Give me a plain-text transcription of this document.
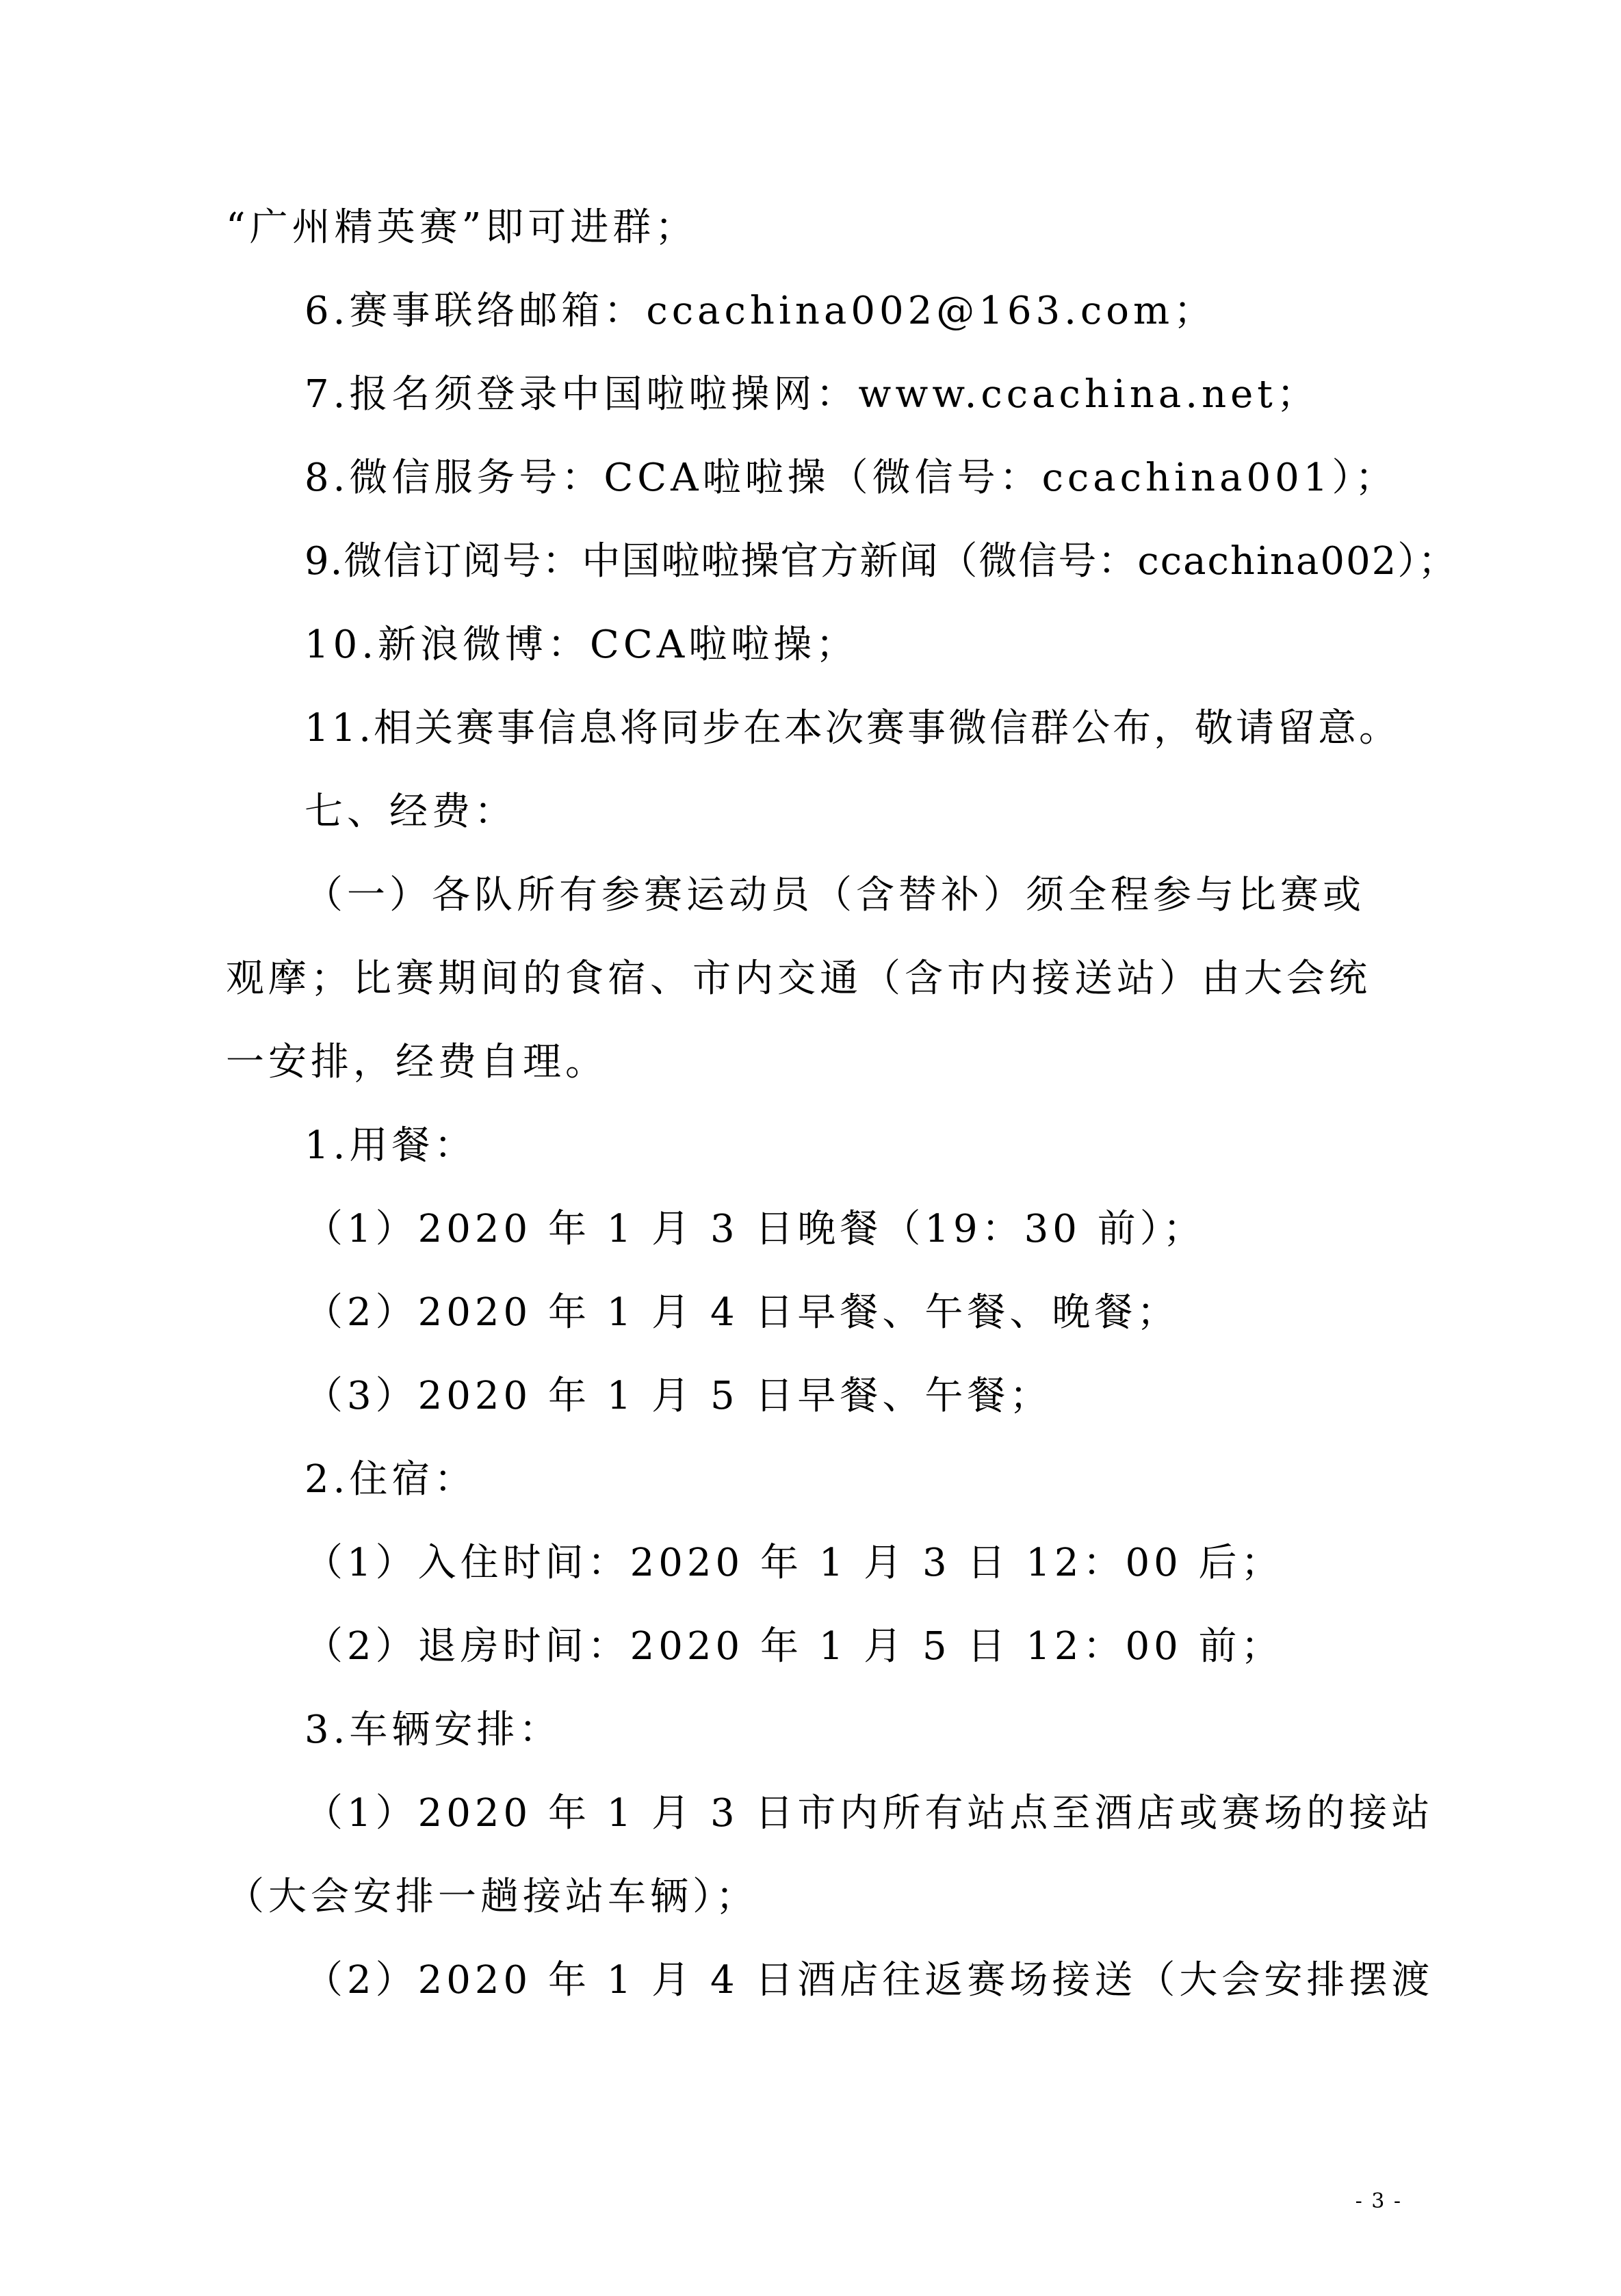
“广州精英赛”即可进群；
6.赛事联络邮箱：ccachina002@163.com；
7.报名须登录中国啦啦操网：www.ccachina.net；
8.微信服务号：CCA啦啦操（微信号：ccachina001）；
9.微信订阅号：中国啦啦操官方新闻（微信号：ccachina002）；
10.新浪微博：CCA啦啦操；
11.相关赛事信息将同步在本次赛事微信群公布，敬请留意。
七、经费：
（一）各队所有参赛运动员（含替补）须全程参与比赛或
观摩；比赛期间的食宿、市内交通（含市内接送站）由大会统
一安排，经费自理。
1.用餐：
（1）2020 年 1 月 3 日晚餐（19：30 前）；
（2）2020 年 1 月 4 日早餐、午餐、晚餐；
（3）2020 年 1 月 5 日早餐、午餐；
2.住宿：
（1）入住时间：2020 年 1 月 3 日 12：00 后；
（2）退房时间：2020 年 1 月 5 日 12：00 前；
3.车辆安排：
（1）2020 年 1 月 3 日市内所有站点至酒店或赛场的接站
（大会安排一趟接站车辆）；
（2）2020 年 1 月 4 日酒店往返赛场接送（大会安排摆渡
- 3 -
